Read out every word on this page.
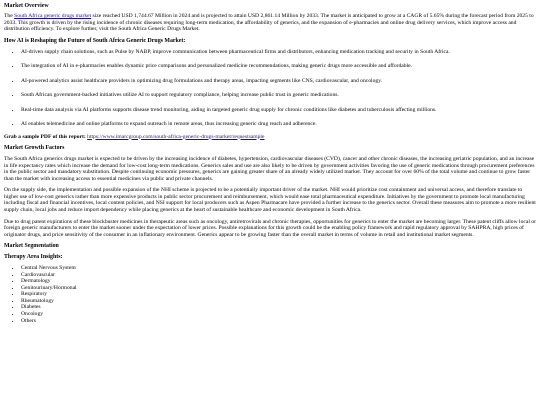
Market Overview

The South Africa generic drugs market size reached USD 1,744.67 Million in 2024 and is projected to attain USD 2,861.14 Million by 2033. The market is anticipated to grow at a CAGR of 5.65% during the forecast period from 2025 to 2033. This growth is driven by the rising incidence of chronic diseases requiring long-term medication, the affordability of generics, and the expansion of e-pharmacies and online drug delivery services, which improve access and distribution efficiency. To explore further, visit the South Africa Generic Drugs Market.

How AI is Reshaping the Future of South Africa Generic Drugs Market:
• AI-driven supply chain solutions, such as Pulse by NABP, improve communication between pharmaceutical firms and distributors, enhancing medication tracking and security in South Africa.
• The integration of AI in e-pharmacies enables dynamic price comparisons and personalized medicine recommendations, making generic drugs more accessible and affordable.
• AI-powered analytics assist healthcare providers in optimizing drug formulations and therapy areas, impacting segments like CNS, cardiovascular, and oncology.
• South African government-backed initiatives utilize AI to support regulatory compliance, helping increase public trust in generic medications.
• Real-time data analysis via AI platforms supports disease trend monitoring, aiding in targeted generic drug supply for chronic conditions like diabetes and tuberculosis affecting millions.
• AI enables telemedicine and online platforms to expand outreach in remote areas, thus increasing generic drug reach and adherence.

Grab a sample PDF of this report: https://www.imarcgroup.com/south-africa-generic-drugs-market/requestsample

Market Growth Factors

The South Africa generics drugs market is expected to be driven by the increasing incidence of diabetes, hypertension, cardiovascular diseases (CVD), cancer and other chronic diseases, the increasing geriatric population, and an increase in life expectancy rates which increase the demand for low-cost long-term medications. Generics sales and use are also likely to be driven by government activities favoring the use of generic medications through procurement preferences in the public sector and mandatory substitution. Despite continuing economic pressures, generics are gaining greater share of an already widely utilized market. They account for over 60% of the total volume and continue to grow faster than the market with increasing access to essential medicines via public and private channels.

On the supply side, the implementation and possible expansion of the NHI scheme is projected to be a potentially important driver of the market. NHI would prioritize cost containment and universal access, and therefore translate to higher use of low-cost generics rather than more expensive products in public sector procurement and reimbursement, which would ease total pharmaceutical expenditure. Initiatives by the government to promote local manufacturing including fiscal and financial incentives, local content policies, and NSI support for local producers such as Aspen Pharmacare have provided a further increase to the generics sector. Overall these measures aim to promote a more resilient supply chain, local jobs and reduce import dependency while placing generics at the heart of sustainable healthcare and economic development in South Africa.

Due to drug patent expirations of these blockbuster medicines in therapeutic areas such as oncology, antiretrovirals and chronic therapies, opportunities for generics to enter the market are becoming larger. These patent cliffs allow local or foreign generic manufacturers to enter the market sooner under the expectation of lower prices. Possible explanations for this growth could be the enabling policy framework and rapid regulatory approval by SAHPRA, high prices of originator drugs, and price sensitivity of the consumer in an inflationary environment. Generics appear to be growing faster than the overall market in terms of volume in retail and institutional market segments.

Market Segmentation
Therapy Area Insights:
• Central Nervous System
• Cardiovascular
• Dermatology
• Genitourinary/Hormonal
• Respiratory
• Rheumatology
• Diabetes
• Oncology
• Others
